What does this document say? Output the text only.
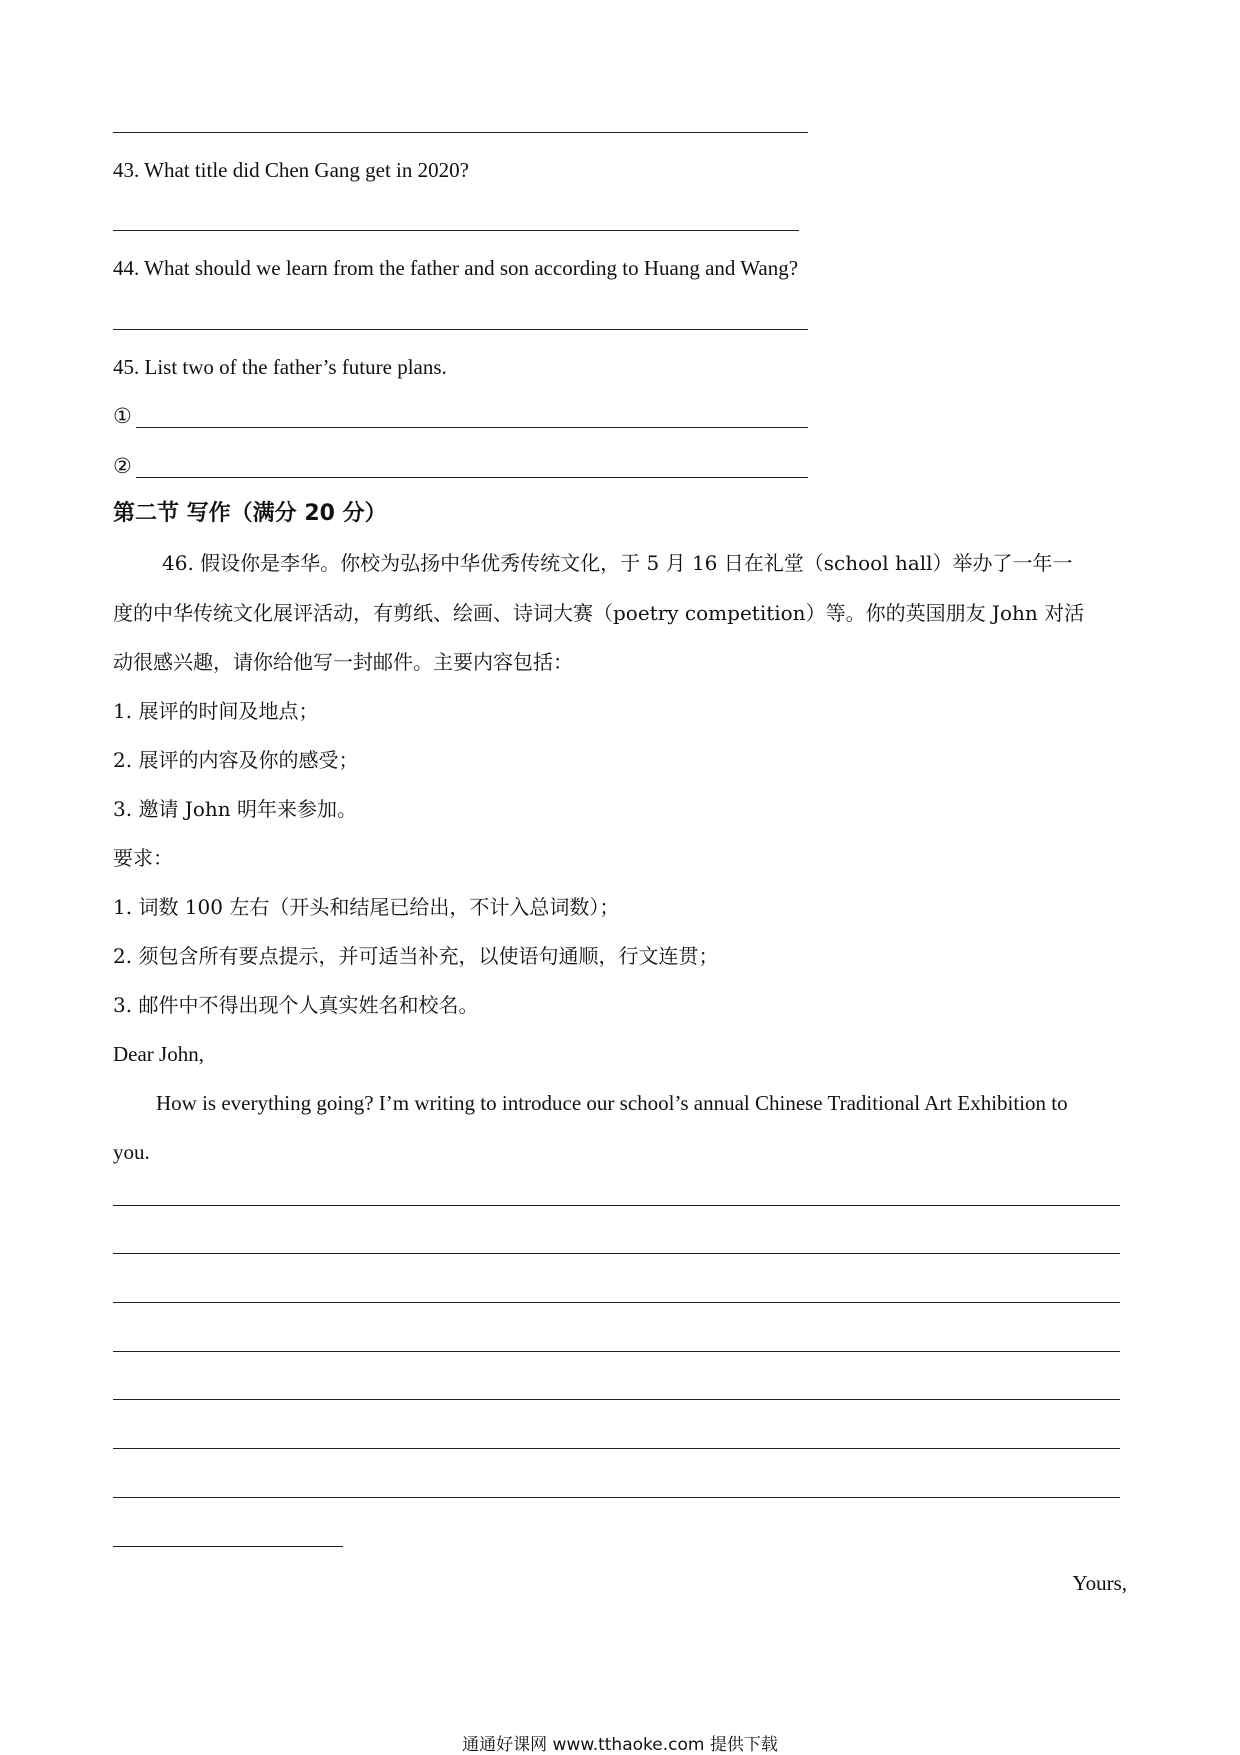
43. What title did Chen Gang get in 2020?
44. What should we learn from the father and son according to Huang and Wang?
45. List two of the father’s future plans.
①
②
第二节 写作（满分 20 分）
46. 假设你是李华。你校为弘扬中华优秀传统文化，于 5 月 16 日在礼堂（school hall）举办了一年一
度的中华传统文化展评活动，有剪纸、绘画、诗词大赛（poetry competition）等。你的英国朋友 John 对活
动很感兴趣，请你给他写一封邮件。主要内容包括：
1. 展评的时间及地点；
2. 展评的内容及你的感受；
3. 邀请 John 明年来参加。
要求：
1. 词数 100 左右（开头和结尾已给出，不计入总词数）；
2. 须包含所有要点提示，并可适当补充，以使语句通顺，行文连贯；
3. 邮件中不得出现个人真实姓名和校名。
Dear John,
How is everything going? I’m writing to introduce our school’s annual Chinese Traditional Art Exhibition to
you.
Yours,
通通好课网 www.tthaoke.com 提供下载
